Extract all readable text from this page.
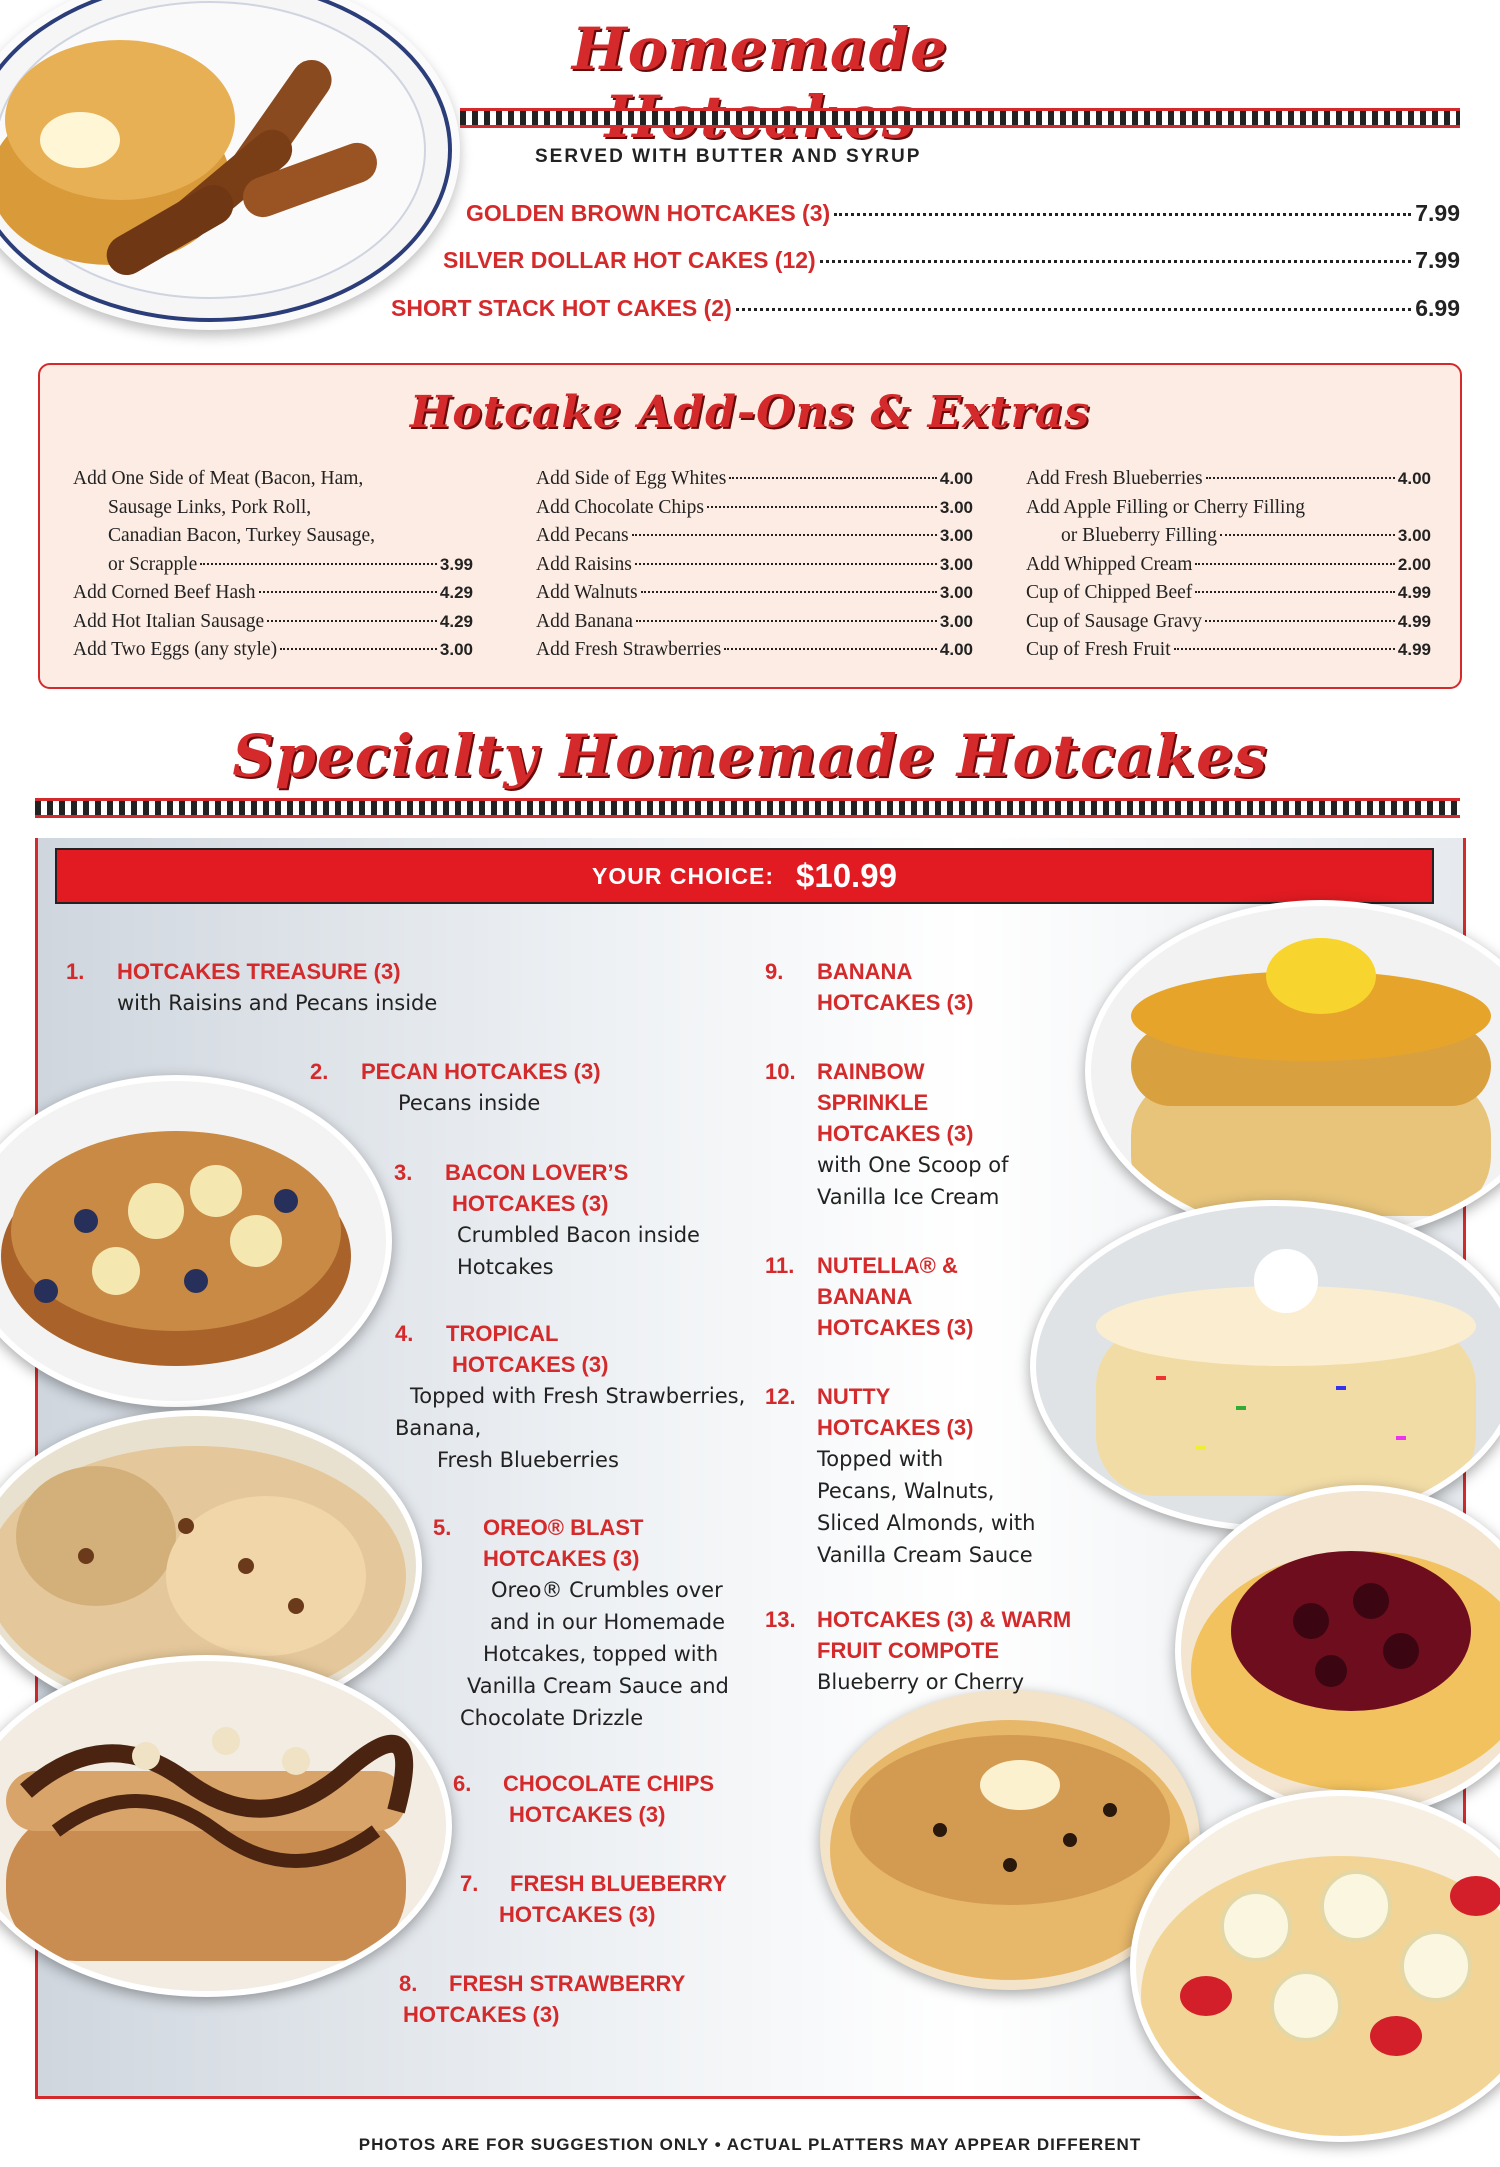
Homemade
SERVED WITH BUTTER AND SYRUP
GOLDEN BROWN HOTCAKES (3)	7.99
SILVER DOLLAR HOT CAKES (12)	7.99
SHORT STACK HOT CAKES (2)	6.99
Hotcake Add-Ons & Extras
Add One Side of Meat (Bacon, Ham,
Sausage Links, Pork Roll,
Canadian Bacon, Turkey Sausage,
or Scrapple	3.99
Add Corned Beef Hash	4.29
Add Hot Italian Sausage	4.29
Add Two Eggs (any style)	3.00
Add Side of Egg Whites	4.00
Add Chocolate Chips	3.00
Add Pecans	3.00
Add Raisins	3.00
Add Walnuts	3.00
Add Banana	3.00
Add Fresh Strawberries	4.00
Add Fresh Blueberries	4.00
Add Apple Filling or Cherry Filling
or Blueberry Filling	3.00
Add Whipped Cream	2.00
Cup of Chipped Beef	4.99
Cup of Sausage Gravy	4.99
Cup of Fresh Fruit	4.99
Specialty Homemade Hotcakes
YOUR CHOICE: $10.99
1. HOTCAKES TREASURE (3)
with Raisins and Pecans inside
2. PECAN HOTCAKES (3)
Pecans inside
3. BACON LOVER’S
HOTCAKES (3)
Crumbled Bacon inside
Hotcakes
4. TROPICAL
HOTCAKES (3)
Topped with Fresh Strawberries,
Banana,
Fresh Blueberries
5. OREO® BLAST
HOTCAKES (3)
Oreo® Crumbles over
and in our Homemade
Hotcakes, topped with
Vanilla Cream Sauce and
Chocolate Drizzle
6. CHOCOLATE CHIPS
HOTCAKES (3)
7. FRESH BLUEBERRY
HOTCAKES (3)
8. FRESH STRAWBERRY
HOTCAKES (3)
9. BANANA
HOTCAKES (3)
10. RAINBOW
SPRINKLE
HOTCAKES (3)
with One Scoop of
Vanilla Ice Cream
11. NUTELLA® &
BANANA
HOTCAKES (3)
12. NUTTY
HOTCAKES (3)
Topped with
Pecans, Walnuts,
Sliced Almonds, with
Vanilla Cream Sauce
13. HOTCAKES (3) & WARM
FRUIT COMPOTE
Blueberry or Cherry
PHOTOS ARE FOR SUGGESTION ONLY • ACTUAL PLATTERS MAY APPEAR DIFFERENT
